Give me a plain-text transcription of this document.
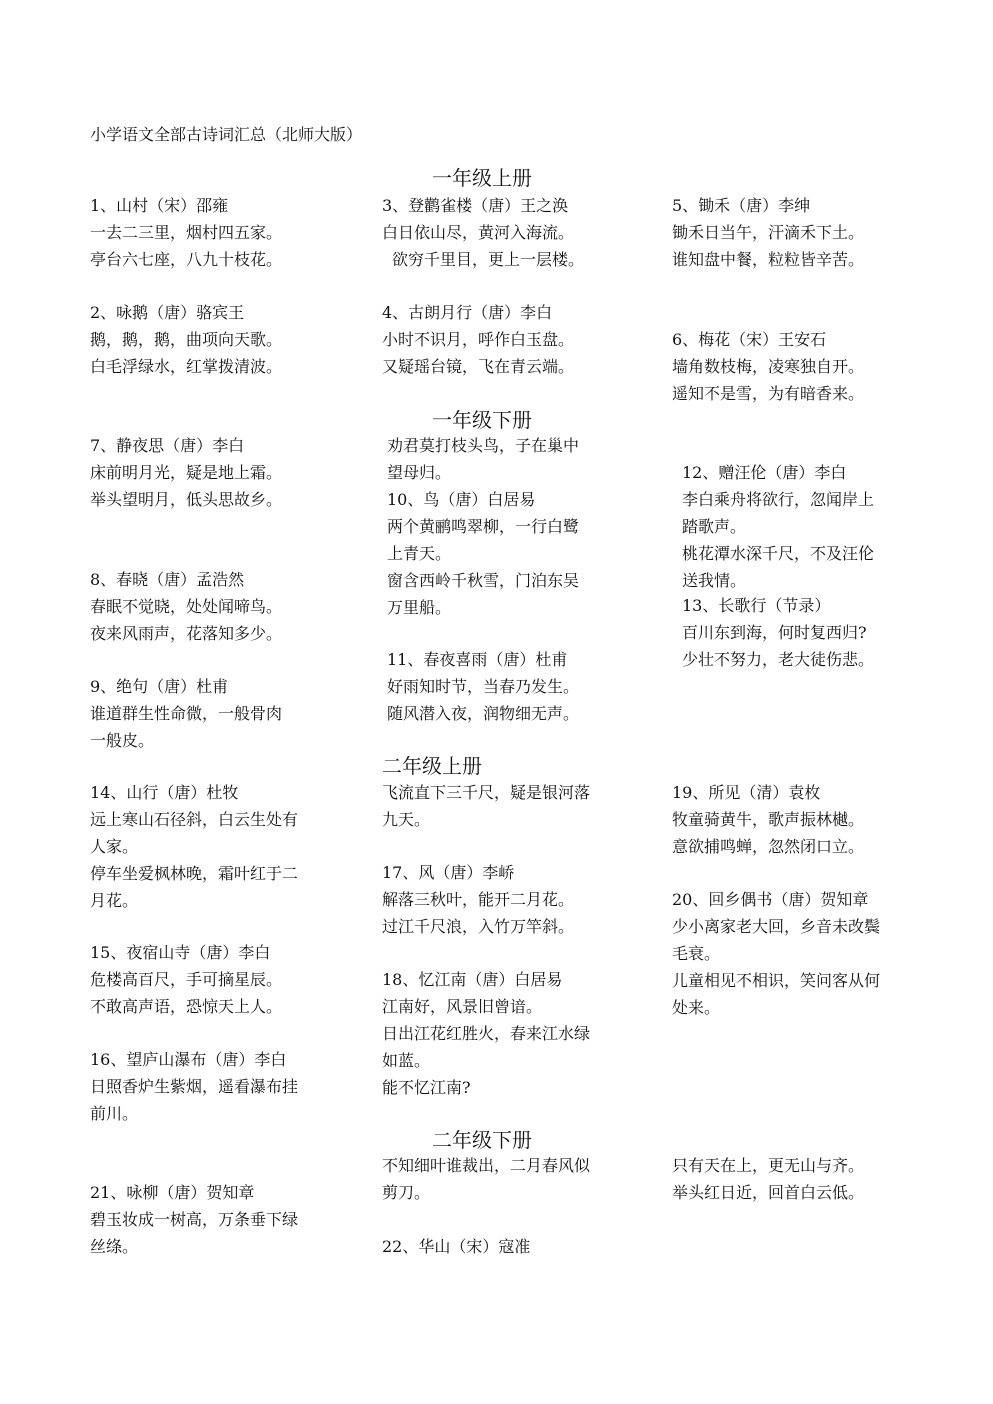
小学语文全部古诗词汇总（北师大版）
一年级上册
一年级下册
二年级上册
二年级下册
1、山村（宋）邵雍
一去二三里，烟村四五家。
亭台六七座，八九十枝花。
2、咏鹅（唐）骆宾王
鹅，鹅，鹅，曲项向天歌。
白毛浮绿水，红掌拨清波。
3、登鹳雀楼（唐）王之涣
白日依山尽，黄河入海流。
欲穷千里目，更上一层楼。
4、古朗月行（唐）李白
小时不识月，呼作白玉盘。
又疑瑶台镜，飞在青云端。
5、锄禾（唐）李绅
锄禾日当午，汗滴禾下土。
谁知盘中餐，粒粒皆辛苦。
6、梅花（宋）王安石
墙角数枝梅，凌寒独自开。
遥知不是雪，为有暗香来。
7、静夜思（唐）李白
床前明月光，疑是地上霜。
举头望明月，低头思故乡。
8、春晓（唐）孟浩然
春眠不觉晓，处处闻啼鸟。
夜来风雨声，花落知多少。
9、绝句（唐）杜甫
谁道群生性命微，一般骨肉
一般皮。
劝君莫打枝头鸟，子在巢中
望母归。
10、鸟（唐）白居易
两个黄鹂鸣翠柳，一行白鹭
上青天。
窗含西岭千秋雪，门泊东吴
万里船。
11、春夜喜雨（唐）杜甫
好雨知时节，当春乃发生。
随风潜入夜，润物细无声。
12、赠汪伦（唐）李白
李白乘舟将欲行，忽闻岸上
踏歌声。
桃花潭水深千尺，不及汪伦
送我情。
13、长歌行（节录）
百川东到海，何时复西归?
少壮不努力，老大徒伤悲。
14、山行（唐）杜牧
远上寒山石径斜，白云生处有
人家。
停车坐爱枫林晚，霜叶红于二
月花。
15、夜宿山寺（唐）李白
危楼高百尺，手可摘星辰。
不敢高声语，恐惊天上人。
16、望庐山瀑布（唐）李白
日照香炉生紫烟，遥看瀑布挂
前川。
飞流直下三千尺，疑是银河落
九天。
17、风（唐）李峤
解落三秋叶，能开二月花。
过江千尺浪，入竹万竿斜。
18、忆江南（唐）白居易
江南好，风景旧曾谙。
日出江花红胜火，春来江水绿
如蓝。
能不忆江南?
19、所见（清）袁枚
牧童骑黄牛，歌声振林樾。
意欲捕鸣蝉，忽然闭口立。
20、回乡偶书（唐）贺知章
少小离家老大回，乡音未改鬓
毛衰。
儿童相见不相识，笑问客从何
处来。
21、咏柳（唐）贺知章
碧玉妆成一树高，万条垂下绿
丝绦。
不知细叶谁裁出，二月春风似
剪刀。
22、华山（宋）寇准
只有天在上，更无山与齐。
举头红日近，回首白云低。
